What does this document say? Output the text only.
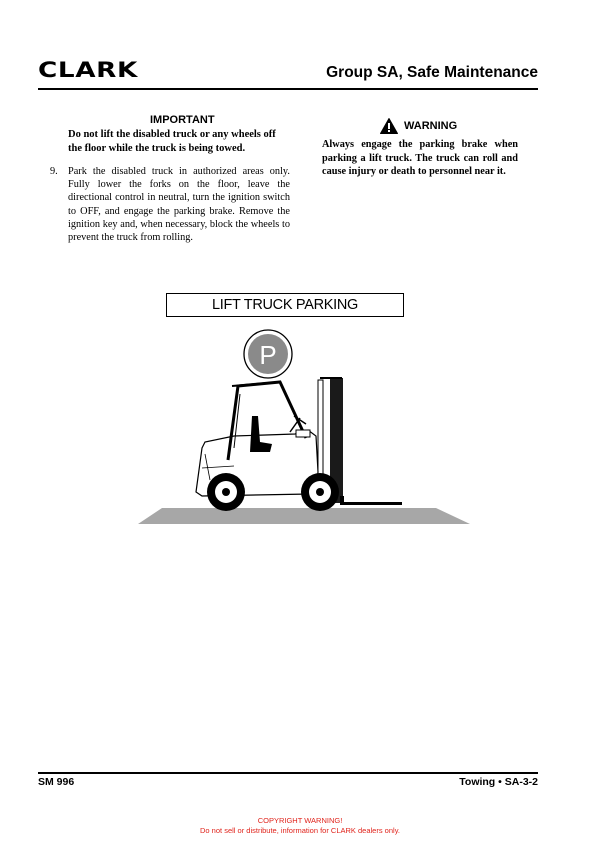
CLARK	Group SA, Safe Maintenance
IMPORTANT
Do not lift the disabled truck or any wheels off the floor while the truck is being towed.
9. Park the disabled truck in authorized areas only. Fully lower the forks on the floor, leave the directional control in neutral, turn the ignition switch to OFF, and engage the parking brake. Remove the ignition key and, when necessary, block the wheels to prevent the truck from rolling.
WARNING
Always engage the parking brake when parking a lift truck. The truck can roll and cause injury or death to personnel near it.
LIFT TRUCK PARKING
P
SM 996	Towing • SA-3-2
COPYRIGHT WARNING!
Do not sell or distribute, information for CLARK dealers only.
